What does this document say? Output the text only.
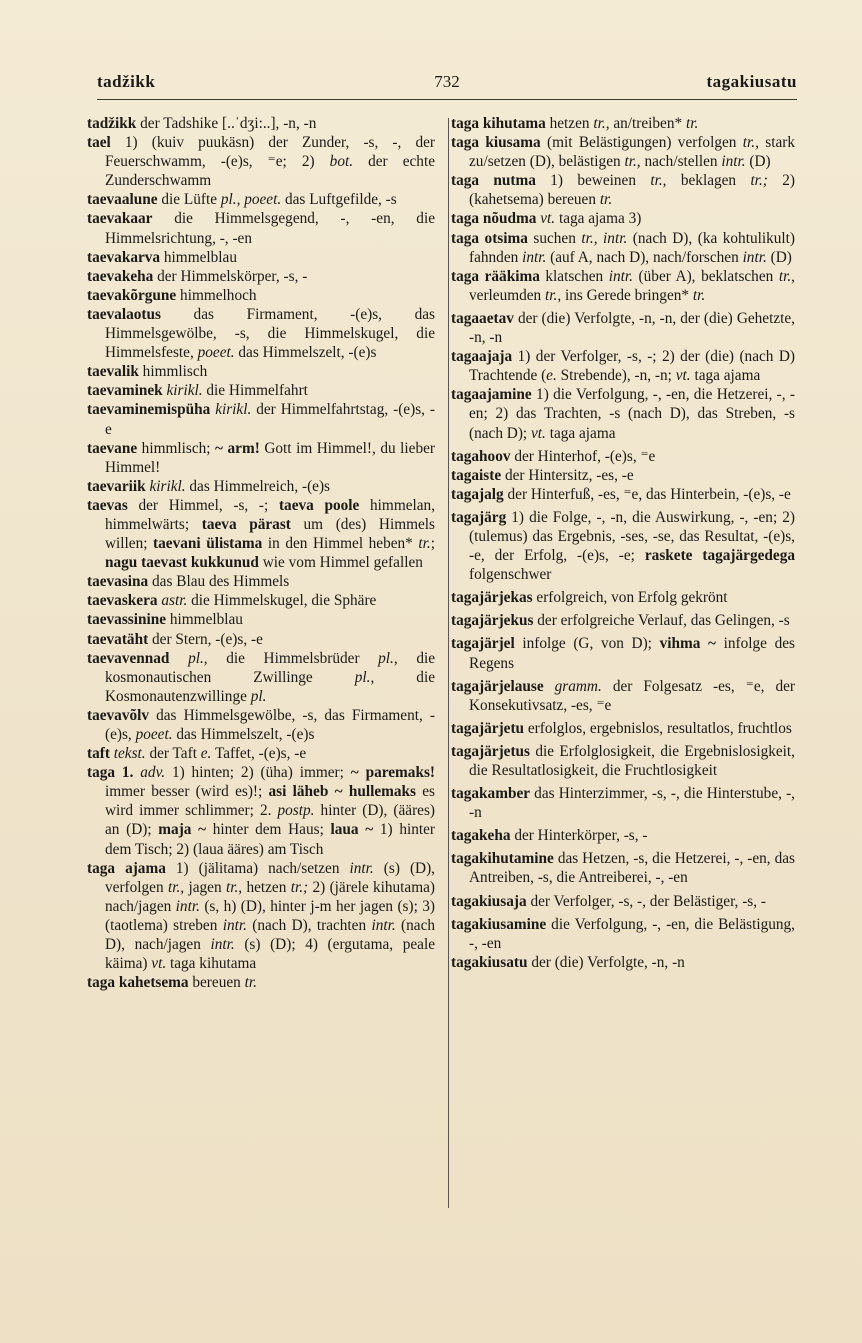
tadžikk	732	tagakiusatu
tadžikk der Tadshike [..ˈdʒi:..], -n, -n
tael 1) (kuiv puukäsn) der Zunder, -s, -, der Feuerschwamm, -(e)s, ⁼e; 2) bot. der echte Zunderschwamm
taevaalune die Lüfte pl., poeet. das Luftgefilde, -s
taevakaar die Himmelsgegend, -, -en, die Himmelsrichtung, -, -en
taevakarva himmelblau
taevakeha der Himmelskörper, -s, -
taevakõrgune himmelhoch
taevalaotus das Firmament, -(e)s, das Himmelsgewölbe, -s, die Himmelskugel, die Himmelsfeste, poeet. das Himmelszelt, -(e)s
taevalik himmlisch
taevaminek kirikl. die Himmelfahrt
taevaminemispüha kirikl. der Himmelfahrtstag, -(e)s, -e
taevane himmlisch; ~ arm! Gott im Himmel!, du lieber Himmel!
taevariik kirikl. das Himmelreich, -(e)s
taevas der Himmel, -s, -; taeva poole himmelan, himmelwärts; taeva pärast um (des) Himmels willen; taevani ülistama in den Himmel heben* tr.; nagu taevast kukkunud wie vom Himmel gefallen
taevasina das Blau des Himmels
taevaskera astr. die Himmelskugel, die Sphäre
taevassinine himmelblau
taevatäht der Stern, -(e)s, -e
taevavennad pl., die Himmelsbrüder pl., die kosmonautischen Zwillinge pl., die Kosmonautenzwillinge pl.
taevavõlv das Himmelsgewölbe, -s, das Firmament, -(e)s, poeet. das Himmelszelt, -(e)s
taft tekst. der Taft e. Taffet, -(e)s, -e
taga 1. adv. 1) hinten; 2) (üha) immer; ~ paremaks! immer besser (wird es)!; asi läheb ~ hullemaks es wird immer schlimmer; 2. postp. hinter (D), (ääres) an (D); maja ~ hinter dem Haus; laua ~ 1) hinter dem Tisch; 2) (laua ääres) am Tisch
taga ajama 1) (jälitama) nach/setzen intr. (s) (D), verfolgen tr., jagen tr., hetzen tr.; 2) (järele kihutama) nach/jagen intr. (s, h) (D), hinter j-m her jagen (s); 3) (taotlema) streben intr. (nach D), trachten intr. (nach D), nach/jagen intr. (s) (D); 4) (ergutama, peale käima) vt. taga kihutama
taga kahetsema bereuen tr.
taga kihutama hetzen tr., an/treiben* tr.
taga kiusama (mit Belästigungen) verfolgen tr., stark zu/setzen (D), belästigen tr., nach/stellen intr. (D)
taga nutma 1) beweinen tr., beklagen tr.; 2) (kahetsema) bereuen tr.
taga nõudma vt. taga ajama 3)
taga otsima suchen tr., intr. (nach D), (ka kohtulikult) fahnden intr. (auf A, nach D), nach/forschen intr. (D)
taga rääkima klatschen intr. (über A), beklatschen tr., verleumden tr., ins Gerede bringen* tr.
tagaaetav der (die) Verfolgte, -n, -n, der (die) Gehetzte, -n, -n
tagaajaja 1) der Verfolger, -s, -; 2) der (die) (nach D) Trachtende (e. Strebende), -n, -n; vt. taga ajama
tagaajamine 1) die Verfolgung, -, -en, die Hetzerei, -, -en; 2) das Trachten, -s (nach D), das Streben, -s (nach D); vt. taga ajama
tagahoov der Hinterhof, -(e)s, ⁼e
tagaiste der Hintersitz, -es, -e
tagajalg der Hinterfuß, -es, ⁼e, das Hinterbein, -(e)s, -e
tagajärg 1) die Folge, -, -n, die Auswirkung, -, -en; 2) (tulemus) das Ergebnis, -ses, -se, das Resultat, -(e)s, -e, der Erfolg, -(e)s, -e; raskete tagajärgedega folgenschwer
tagajärjekas erfolgreich, von Erfolg gekrönt
tagajärjekus der erfolgreiche Verlauf, das Gelingen, -s
tagajärjel infolge (G, von D); vihma ~ infolge des Regens
tagajärjelause gramm. der Folgesatz -es, ⁼e, der Konsekutivsatz, -es, ⁼e
tagajärjetu erfolglos, ergebnislos, resultatlos, fruchtlos
tagajärjetus die Erfolglosigkeit, die Ergebnislosigkeit, die Resultatlosigkeit, die Fruchtlosigkeit
tagakamber das Hinterzimmer, -s, -, die Hinterstube, -, -n
tagakeha der Hinterkörper, -s, -
tagakihutamine das Hetzen, -s, die Hetzerei, -, -en, das Antreiben, -s, die Antreiberei, -, -en
tagakiusaja der Verfolger, -s, -, der Belästiger, -s, -
tagakiusamine die Verfolgung, -, -en, die Belästigung, -, -en
tagakiusatu der (die) Verfolgte, -n, -n
